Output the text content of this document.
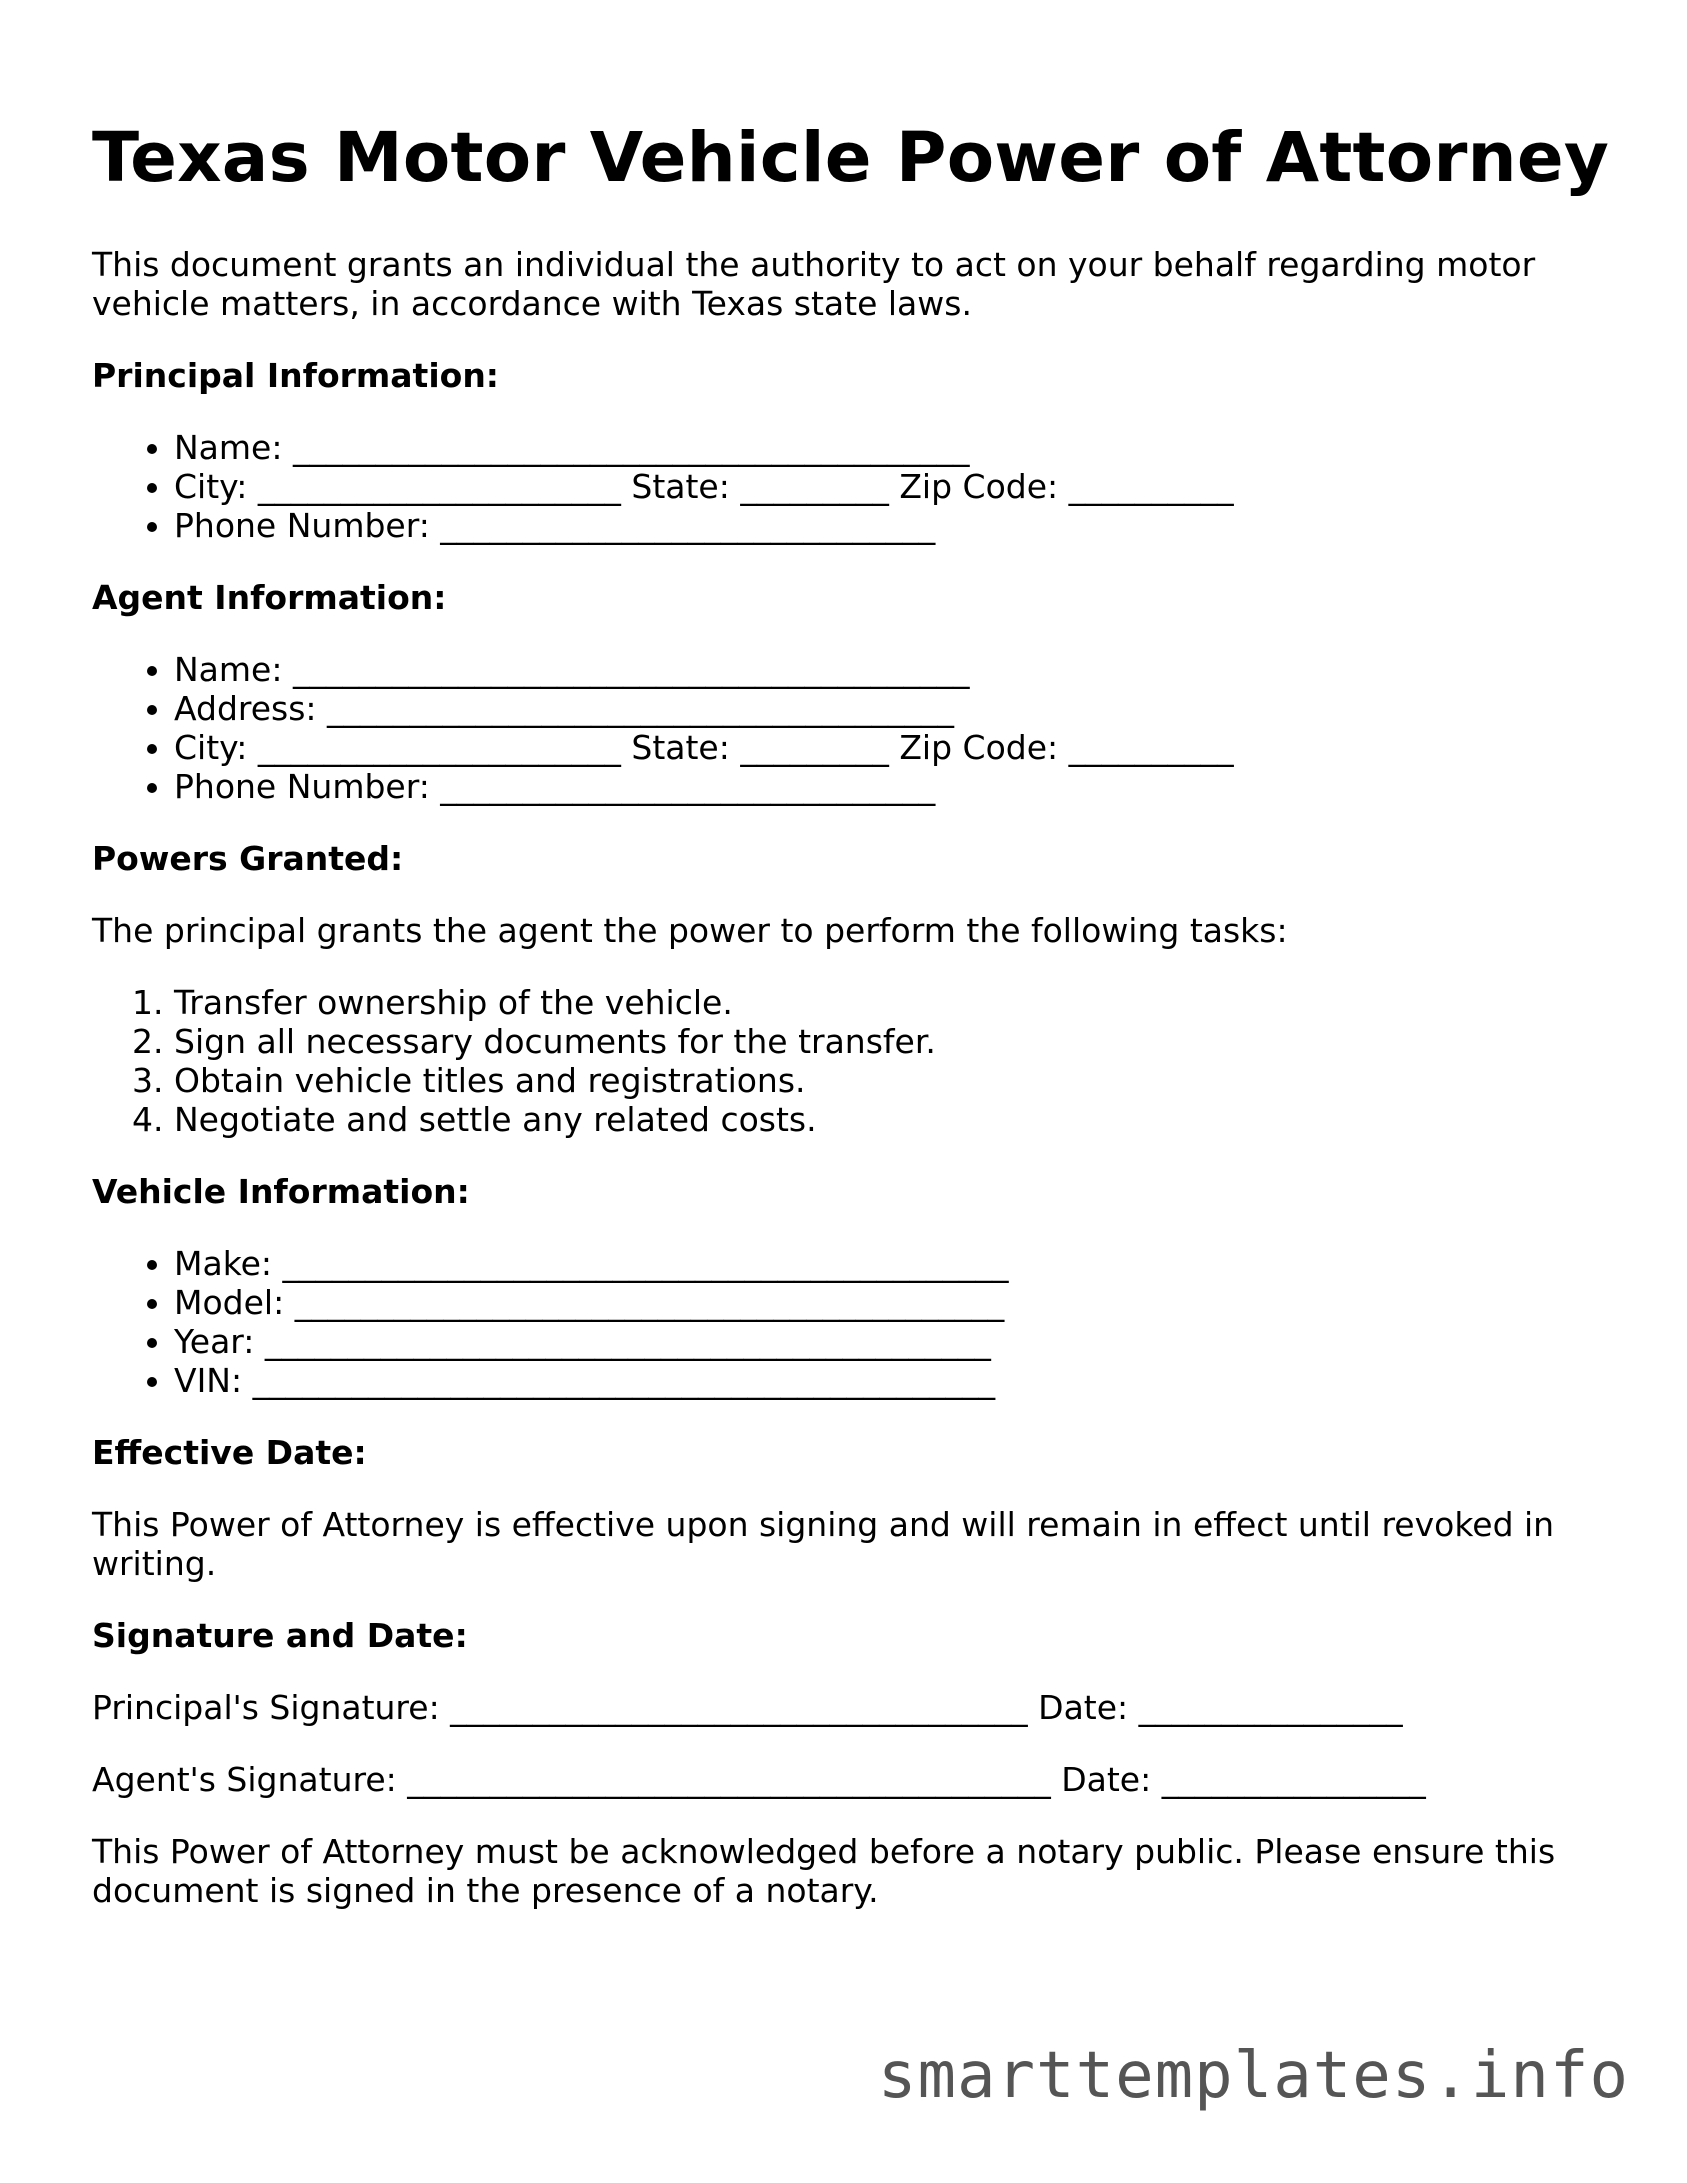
Texas Motor Vehicle Power of Attorney

This document grants an individual the authority to act on your behalf regarding motor vehicle matters, in accordance with Texas state laws.

Principal Information:
• Name: _________________________________________
• City: ______________________ State: _________ Zip Code: __________
• Phone Number: ______________________________
Agent Information:
• Name: _________________________________________
• Address: ______________________________________
• City: ______________________ State: _________ Zip Code: __________
• Phone Number: ______________________________
Powers Granted:

The principal grants the agent the power to perform the following tasks:

1. Transfer ownership of the vehicle.
2. Sign all necessary documents for the transfer.
3. Obtain vehicle titles and registrations.
4. Negotiate and settle any related costs.
Vehicle Information:
• Make: ____________________________________________
• Model: ___________________________________________
• Year: ____________________________________________
• VIN: _____________________________________________
Effective Date:

This Power of Attorney is effective upon signing and will remain in effect until revoked in writing.

Signature and Date:

Principal's Signature: ___________________________________ Date: ________________

Agent's Signature: _______________________________________ Date: ________________

This Power of Attorney must be acknowledged before a notary public. Please ensure this document is signed in the presence of a notary.

smarttemplates.info
